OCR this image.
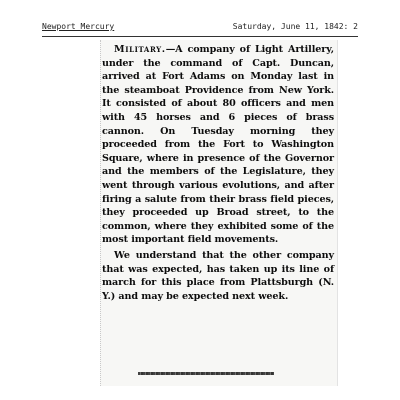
Newport Mercury	Saturday, June 11, 1842: 2

Military.—A company of Light Artillery, under the command of Capt. Duncan, arrived at Fort Adams on Monday last in the steamboat Providence from New York. It consisted of about 80 officers and men with 45 horses and 6 pieces of brass cannon. On Tuesday morning they proceeded from the Fort to Washington Square, where in presence of the Governor and the members of the Legislature, they went through various evolutions, and after firing a salute from their brass field pieces, they proceeded up Broad street, to the common, where they exhibited some of the most important field movements.

We understand that the other company that was expected, has taken up its line of march for this place from Plattsburgh (N. Y.) and may be expected next week.
